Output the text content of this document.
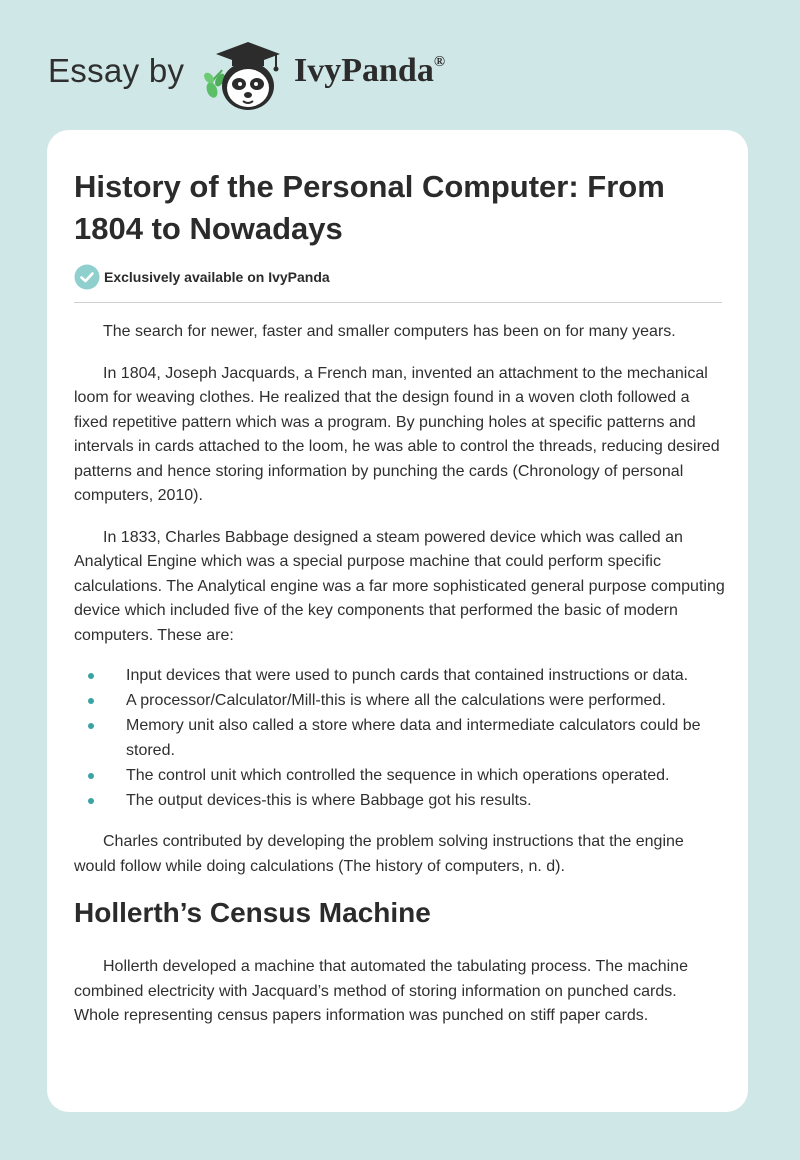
Essay by	IvyPanda®
History of the Personal Computer: From 1804 to Nowadays
Exclusively available on IvyPanda

The search for newer, faster and smaller computers has been on for many years.

In 1804, Joseph Jacquards, a French man, invented an attachment to the mechanical loom for weaving clothes. He realized that the design found in a woven cloth followed a fixed repetitive pattern which was a program. By punching holes at specific patterns and intervals in cards attached to the loom, he was able to control the threads, reducing desired patterns and hence storing information by punching the cards (Chronology of personal computers, 2010).

In 1833, Charles Babbage designed a steam powered device which was called an Analytical Engine which was a special purpose machine that could perform specific calculations. The Analytical engine was a far more sophisticated general purpose computing device which included five of the key components that performed the basic of modern computers. These are:

Input devices that were used to punch cards that contained instructions or data.
A processor/Calculator/Mill-this is where all the calculations were performed.
Memory unit also called a store where data and intermediate calculators could be stored.
The control unit which controlled the sequence in which operations operated.
The output devices-this is where Babbage got his results.

Charles contributed by developing the problem solving instructions that the engine would follow while doing calculations (The history of computers, n. d).

Hollerth’s Census Machine

Hollerth developed a machine that automated the tabulating process. The machine combined electricity with Jacquard’s method of storing information on punched cards. Whole representing census papers information was punched on stiff paper cards.
